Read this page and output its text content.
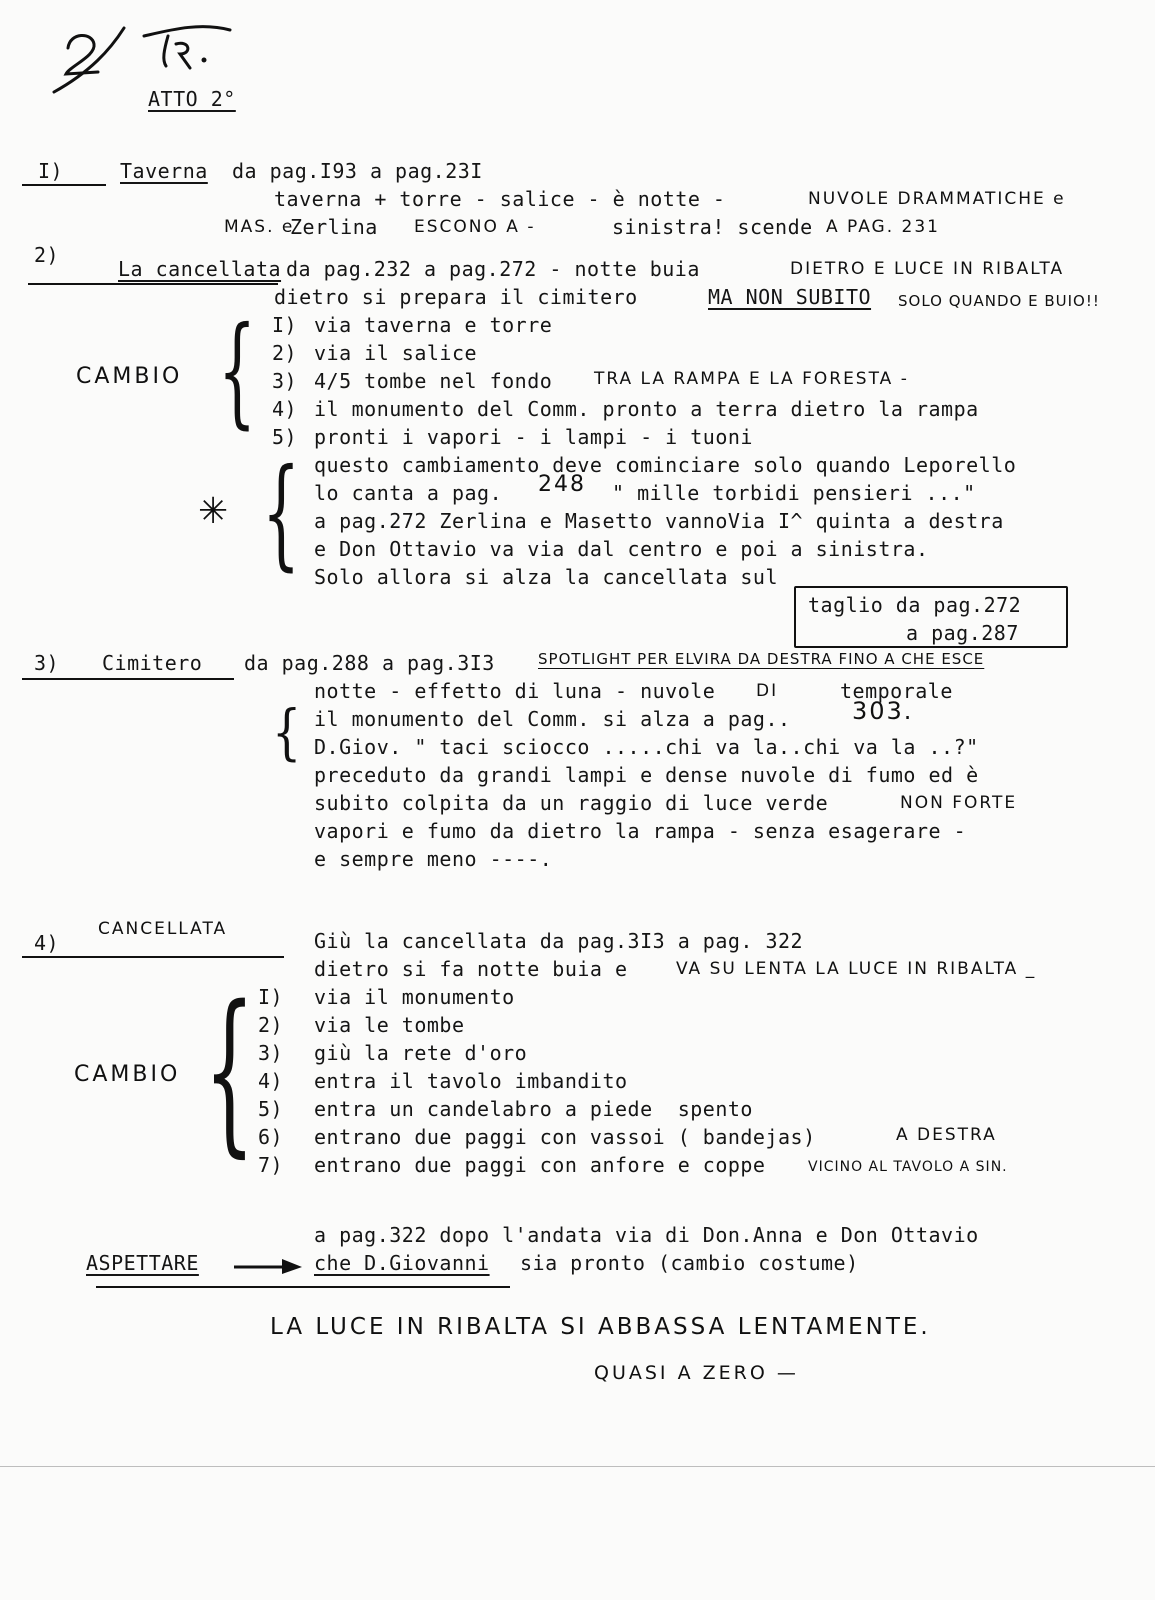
ATTO 2°
I)	Taverna da pag.I93 a pag.23I
taverna + torre - salice - è notte -	NUVOLE DRAMMATICHE e
MAS. e
Zerlina ESCONO A -	sinistra! scende A PAG. 231
2)
La cancellata da pag.232 a pag.272 - notte buia	DIETRO E LUCE IN RIBALTA
dietro si prepara il cimitero	MA NON SUBITO SOLO QUANDO E BUIO!!
CAMBIO { I) via taverna e torre
2) via il salice
3) 4/5 tombe nel fondo TRA LA RAMPA E LA FORESTA -
4) il monumento del Comm. pronto a terra dietro la rampa
5) pronti i vapori - i lampi - i tuoni
✳ { questo cambiamento deve cominciare solo quando Leporello
lo canta a pag. 248 " mille torbidi pensieri ..."
a pag.272 Zerlina e Masetto vannoVia I^ quinta a destra
e Don Ottavio va via dal centro e poi a sinistra.
Solo allora si alza la cancellata sul
taglio da pag.272
a pag.287
3) Cimitero da pag.288 a pag.3I3	SPOTLIGHT PER ELVIRA DA DESTRA FINO A CHE ESCE
notte - effetto di luna - nuvole DI	temporale
{ il monumento del Comm. si alza a pag..	303.
D.Giov. " taci sciocco .....chi va la..chi va la ..?"
preceduto da grandi lampi e dense nuvole di fumo ed è
subito colpita da un raggio di luce verde	NON FORTE
vapori e fumo da dietro la rampa - senza esagerare -
e sempre meno ----.
4)
CANCELLATA	Giù la cancellata da pag.3I3 a pag. 322
dietro si fa notte buia e	VA SU LENTA LA LUCE IN RIBALTA _
CAMBIO { I) via il monumento
2) via le tombe
3) giù la rete d'oro
4) entra il tavolo imbandito
5) entra un candelabro a piede  spento
6) entrano due paggi con vassoi ( bandejas)	A DESTRA
7) entrano due paggi con anfore e coppe	VICINO AL TAVOLO A SIN.
a pag.322 dopo l'andata via di Don.Anna e Don Ottavio
ASPETTARE	che D.Giovanni sia pronto (cambio costume)
LA LUCE IN RIBALTA SI ABBASSA LENTAMENTE.
QUASI A ZERO —
